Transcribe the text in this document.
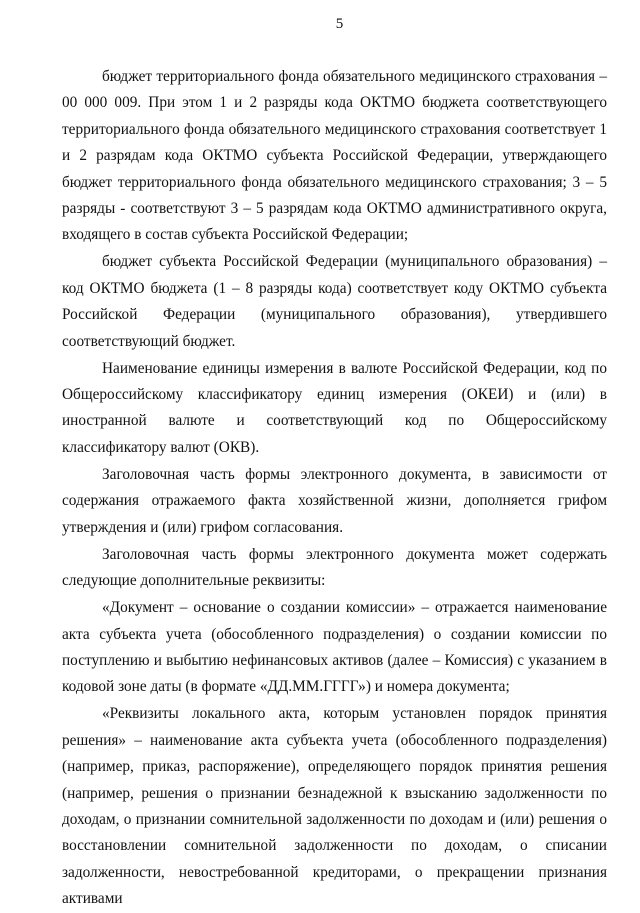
5

бюджет территориального фонда обязательного медицинского страхования – 00 000 009. При этом 1 и 2 разряды кода ОКТМО бюджета соответствующего территориального фонда обязательного медицинского страхования соответствует 1 и 2 разрядам кода ОКТМО субъекта Российской Федерации, утверждающего бюджет территориального фонда обязательного медицинского страхования; 3 – 5 разряды - соответствуют 3 – 5 разрядам кода ОКТМО административного округа, входящего в состав субъекта Российской Федерации;

бюджет субъекта Российской Федерации (муниципального образования) – код ОКТМО бюджета (1 – 8 разряды кода) соответствует коду ОКТМО субъекта Российской Федерации (муниципального образования), утвердившего соответствующий бюджет.

Наименование единицы измерения в валюте Российской Федерации, код по Общероссийскому классификатору единиц измерения (ОКЕИ) и (или) в иностранной валюте и соответствующий код по Общероссийскому классификатору валют (ОКВ).

Заголовочная часть формы электронного документа, в зависимости от содержания отражаемого факта хозяйственной жизни, дополняется грифом утверждения и (или) грифом согласования.

Заголовочная часть формы электронного документа может содержать следующие дополнительные реквизиты:

«Документ – основание о создании комиссии» – отражается наименование акта субъекта учета (обособленного подразделения) о создании комиссии по поступлению и выбытию нефинансовых активов (далее – Комиссия) с указанием в кодовой зоне даты (в формате «ДД.ММ.ГГГГ») и номера документа;

«Реквизиты локального акта, которым установлен порядок принятия решения» – наименование акта субъекта учета (обособленного подразделения) (например, приказ, распоряжение), определяющего порядок принятия решения (например, решения о признании безнадежной к взысканию задолженности по доходам, о признании сомнительной задолженности по доходам и (или) решения о восстановлении сомнительной задолженности по доходам, о списании задолженности, невостребованной кредиторами, о прекращении признания активами
